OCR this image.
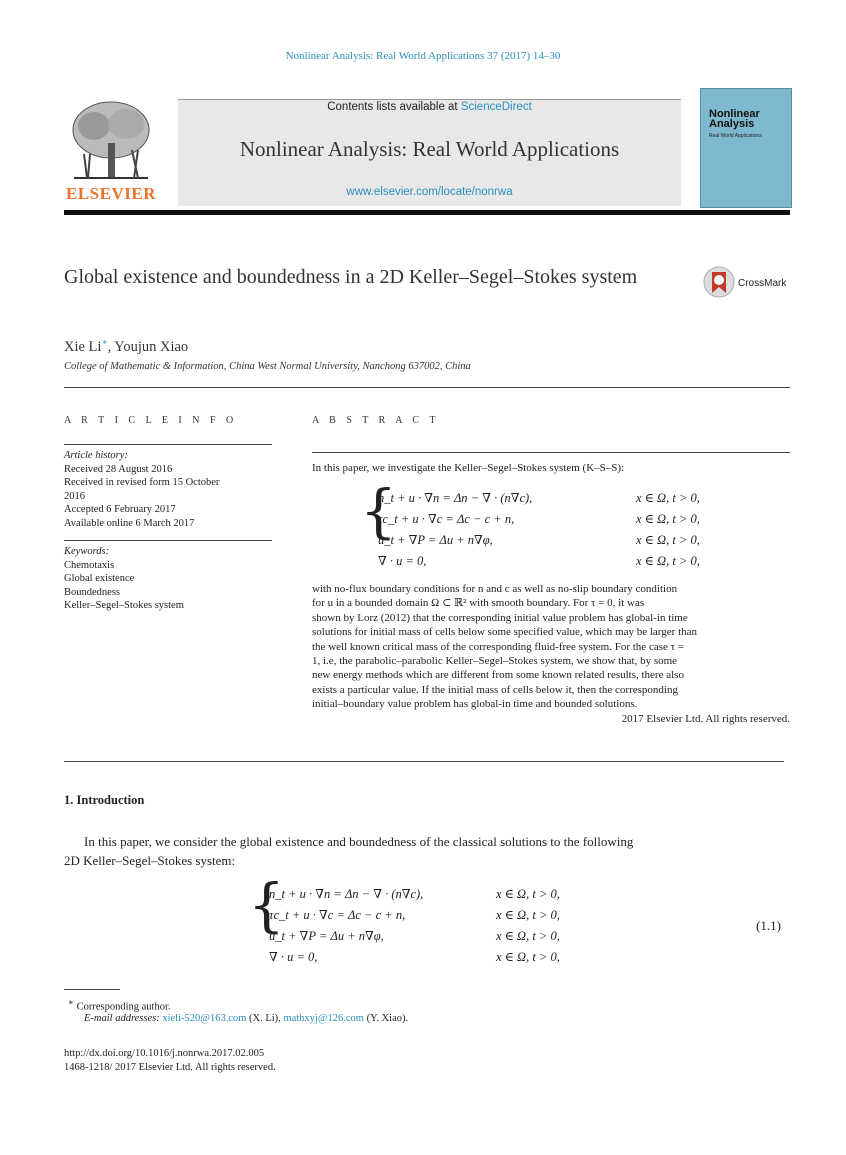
Nonlinear Analysis: Real World Applications 37 (2017) 14–30
ELSEVIER
Contents lists available at ScienceDirect
Nonlinear Analysis: Real World Applications
www.elsevier.com/locate/nonrwa
Nonlinear
Analysis
Real World Applications
Global existence and boundedness in a 2D Keller–Segel–Stokes system	CrossMark
Xie Li∗, Youjun Xiao
College of Mathematic & Information, China West Normal University, Nanchong 637002, China
A R T I C L E I N F O
Article history:
Received 28 August 2016
Received in revised form 15 October
2016
Accepted 6 February 2017
Available online 6 March 2017
Keywords:
Chemotaxis
Global existence
Boundedness
Keller–Segel–Stokes system
A B S T R A C T
In this paper, we investigate the Keller–Segel–Stokes system (K–S–S):
{
n_t + u · ∇n = Δn − ∇ · (n∇c),	x ∈ Ω, t > 0,
τc_t + u · ∇c = Δc − c + n,	x ∈ Ω, t > 0,
u_t + ∇P = Δu + n∇φ,	x ∈ Ω, t > 0,
∇ · u = 0,	x ∈ Ω, t > 0,
with no-flux boundary conditions for n and c as well as no-slip boundary condition
for u in a bounded domain Ω ⊂ ℝ² with smooth boundary. For τ = 0, it was
shown by Lorz (2012) that the corresponding initial value problem has global-in time
solutions for initial mass of cells below some specified value, which may be larger than
the well known critical mass of the corresponding fluid-free system. For the case τ =
1, i.e, the parabolic–parabolic Keller–Segel–Stokes system, we show that, by some
new energy methods which are different from some known related results, there also
exists a particular value. If the initial mass of cells below it, then the corresponding
initial–boundary value problem has global-in time and bounded solutions.
2017 Elsevier Ltd. All rights reserved.
1. Introduction
In this paper, we consider the global existence and boundedness of the classical solutions to the following
2D Keller–Segel–Stokes system:
{
n_t + u · ∇n = Δn − ∇ · (n∇c),	x ∈ Ω, t > 0,
τc_t + u · ∇c = Δc − c + n,	x ∈ Ω, t > 0,
u_t + ∇P = Δu + n∇φ,	x ∈ Ω, t > 0,
∇ · u = 0,	x ∈ Ω, t > 0,
(1.1)
∗ Corresponding author.
E-mail addresses: xieli-520@163.com (X. Li), mathxyj@126.com (Y. Xiao).
http://dx.doi.org/10.1016/j.nonrwa.2017.02.005
1468-1218/ 2017 Elsevier Ltd. All rights reserved.
